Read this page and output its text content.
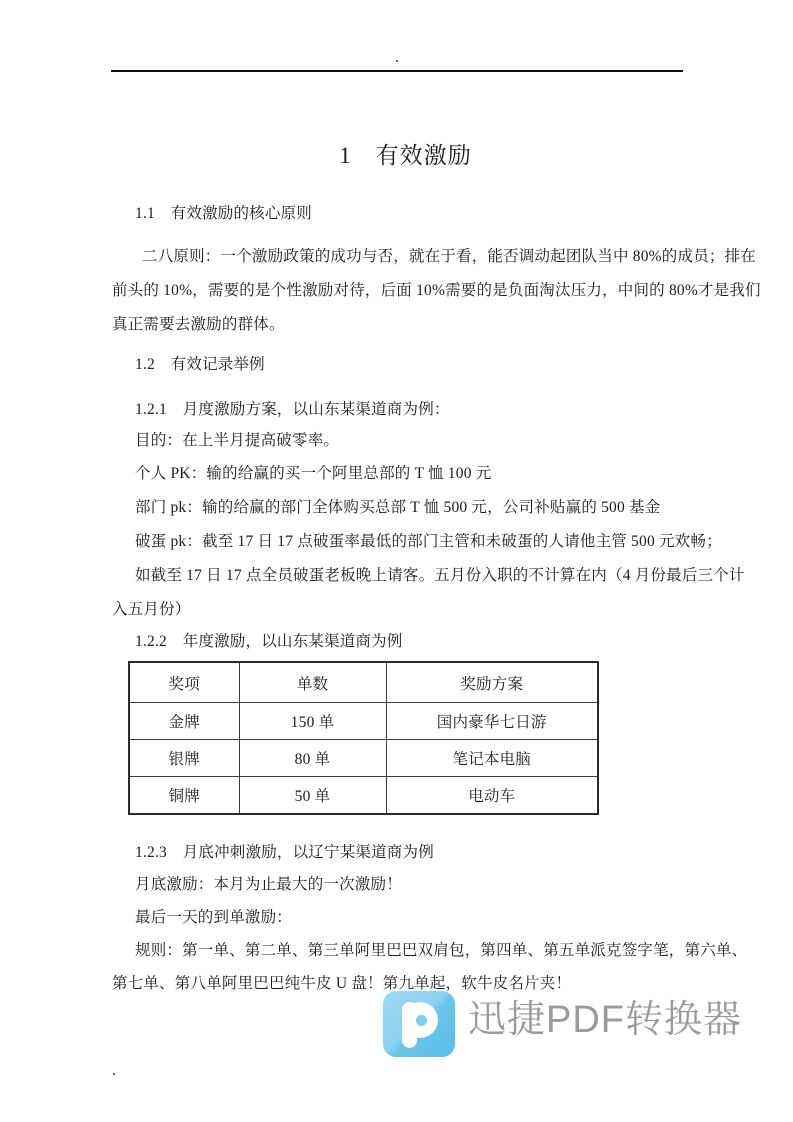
.
1　有效激励
1.1　有效激励的核心原则
二八原则：一个激励政策的成功与否，就在于看，能否调动起团队当中 80%的成员；排在
前头的 10%，需要的是个性激励对待，后面 10%需要的是负面淘汰压力，中间的 80%才是我们
真正需要去激励的群体。
1.2　有效记录举例
1.2.1　月度激励方案，以山东某渠道商为例：
目的：在上半月提高破零率。
个人 PK：输的给赢的买一个阿里总部的 T 恤 100 元
部门 pk：输的给赢的部门全体购买总部 T 恤 500 元，公司补贴赢的 500 基金
破蛋 pk：截至 17 日 17 点破蛋率最低的部门主管和未破蛋的人请他主管 500 元欢畅；
如截至 17 日 17 点全员破蛋老板晚上请客。五月份入职的不计算在内（4 月份最后三个计
入五月份）
1.2.2　年度激励，以山东某渠道商为例
奖项	单数	奖励方案
金牌	150 单	国内豪华七日游
银牌	80 单	笔记本电脑
铜牌	50 单	电动车
迅捷PDF转换器
1.2.3　月底冲刺激励，以辽宁某渠道商为例
月底激励：本月为止最大的一次激励！
最后一天的到单激励：
规则：第一单、第二单、第三单阿里巴巴双肩包，第四单、第五单派克签字笔，第六单、
第七单、第八单阿里巴巴纯牛皮 U 盘！第九单起，软牛皮名片夹！
.
